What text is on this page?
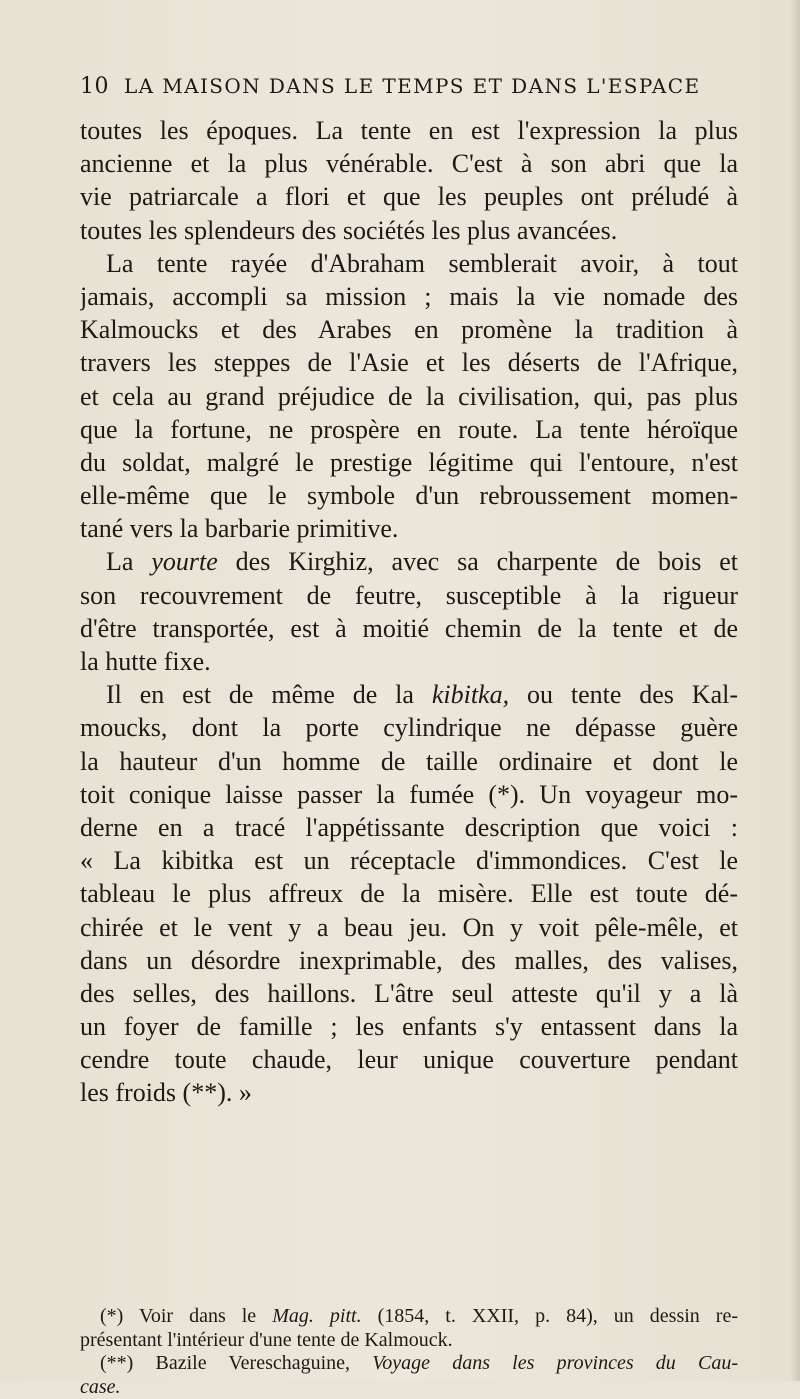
10 LA MAISON DANS LE TEMPS ET DANS L'ESPACE
toutes les époques. La tente en est l'expression la plus
ancienne et la plus vénérable. C'est à son abri que la
vie patriarcale a flori et que les peuples ont préludé à
toutes les splendeurs des sociétés les plus avancées.
La tente rayée d'Abraham semblerait avoir, à tout
jamais, accompli sa mission ; mais la vie nomade des
Kalmoucks et des Arabes en promène la tradition à
travers les steppes de l'Asie et les déserts de l'Afrique,
et cela au grand préjudice de la civilisation, qui, pas plus
que la fortune, ne prospère en route. La tente héroïque
du soldat, malgré le prestige légitime qui l'entoure, n'est
elle-même que le symbole d'un rebroussement momen-
tané vers la barbarie primitive.
La yourte des Kirghiz, avec sa charpente de bois et
son recouvrement de feutre, susceptible à la rigueur
d'être transportée, est à moitié chemin de la tente et de
la hutte fixe.
Il en est de même de la kibitka, ou tente des Kal-
moucks, dont la porte cylindrique ne dépasse guère
la hauteur d'un homme de taille ordinaire et dont le
toit conique laisse passer la fumée (*). Un voyageur mo-
derne en a tracé l'appétissante description que voici :
« La kibitka est un réceptacle d'immondices. C'est le
tableau le plus affreux de la misère. Elle est toute dé-
chirée et le vent y a beau jeu. On y voit pêle-mêle, et
dans un désordre inexprimable, des malles, des valises,
des selles, des haillons. L'âtre seul atteste qu'il y a là
un foyer de famille ; les enfants s'y entassent dans la
cendre toute chaude, leur unique couverture pendant
les froids (**). »
(*) Voir dans le Mag. pitt. (1854, t. XXII, p. 84), un dessin re-
présentant l'intérieur d'une tente de Kalmouck.
(**) Bazile Vereschaguine, Voyage dans les provinces du Cau-
case.
